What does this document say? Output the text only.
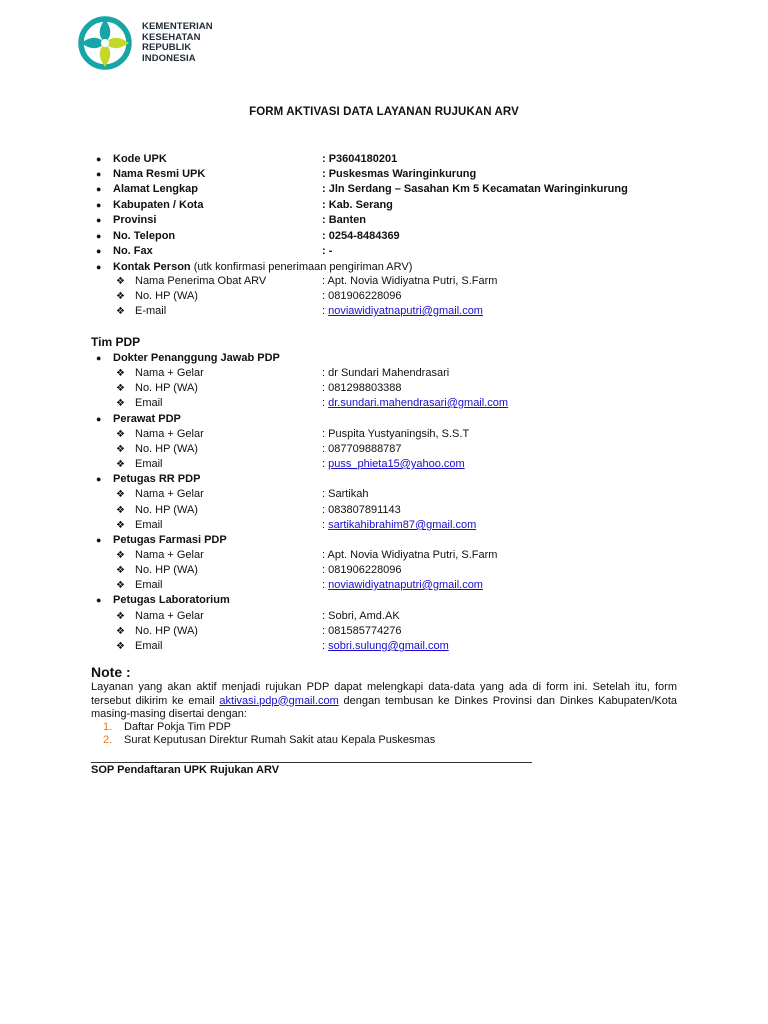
KEMENTERIAN
KESEHATAN
REPUBLIK
INDONESIA
FORM AKTIVASI DATA LAYANAN RUJUKAN ARV
● Kode UPK	: P3604180201
● Nama Resmi UPK	: Puskesmas Waringinkurung
● Alamat Lengkap	: Jln Serdang – Sasahan Km 5 Kecamatan Waringinkurung
● Kabupaten / Kota	: Kab. Serang
● Provinsi	: Banten
● No. Telepon	: 0254-8484369
● No. Fax	: -
● Kontak Person (utk konfirmasi penerimaan pengiriman ARV)
❖ Nama Penerima Obat ARV	: Apt. Novia Widiyatna Putri, S.Farm
❖ No. HP (WA)	: 081906228096
❖ E-mail	: noviawidiyatnaputri@gmail.com
Tim PDP
● Dokter Penanggung Jawab PDP
❖ Nama + Gelar	: dr Sundari Mahendrasari
❖ No. HP (WA)	: 081298803388
❖ Email	: dr.sundari.mahendrasari@gmail.com
● Perawat PDP
❖ Nama + Gelar	: Puspita Yustyaningsih, S.S.T
❖ No. HP (WA)	: 087709888787
❖ Email	: puss_phieta15@yahoo.com
● Petugas RR PDP
❖ Nama + Gelar	: Sartikah
❖ No. HP (WA)	: 083807891143
❖ Email	: sartikahibrahim87@gmail.com
● Petugas Farmasi PDP
❖ Nama + Gelar	: Apt. Novia Widiyatna Putri, S.Farm
❖ No. HP (WA)	: 081906228096
❖ Email	: noviawidiyatnaputri@gmail.com
● Petugas Laboratorium
❖ Nama + Gelar	: Sobri, Amd.AK
❖ No. HP (WA)	: 081585774276
❖ Email	: sobri.sulung@gmail.com
Note :
Layanan yang akan aktif menjadi rujukan PDP dapat melengkapi data-data yang ada di form ini. Setelah itu, form tersebut dikirim ke email aktivasi.pdp@gmail.com dengan tembusan ke Dinkes Provinsi dan Dinkes Kabupaten/Kota masing-masing disertai dengan:
1. Daftar Pokja Tim PDP
2. Surat Keputusan Direktur Rumah Sakit atau Kepala Puskesmas
SOP Pendaftaran UPK Rujukan ARV
